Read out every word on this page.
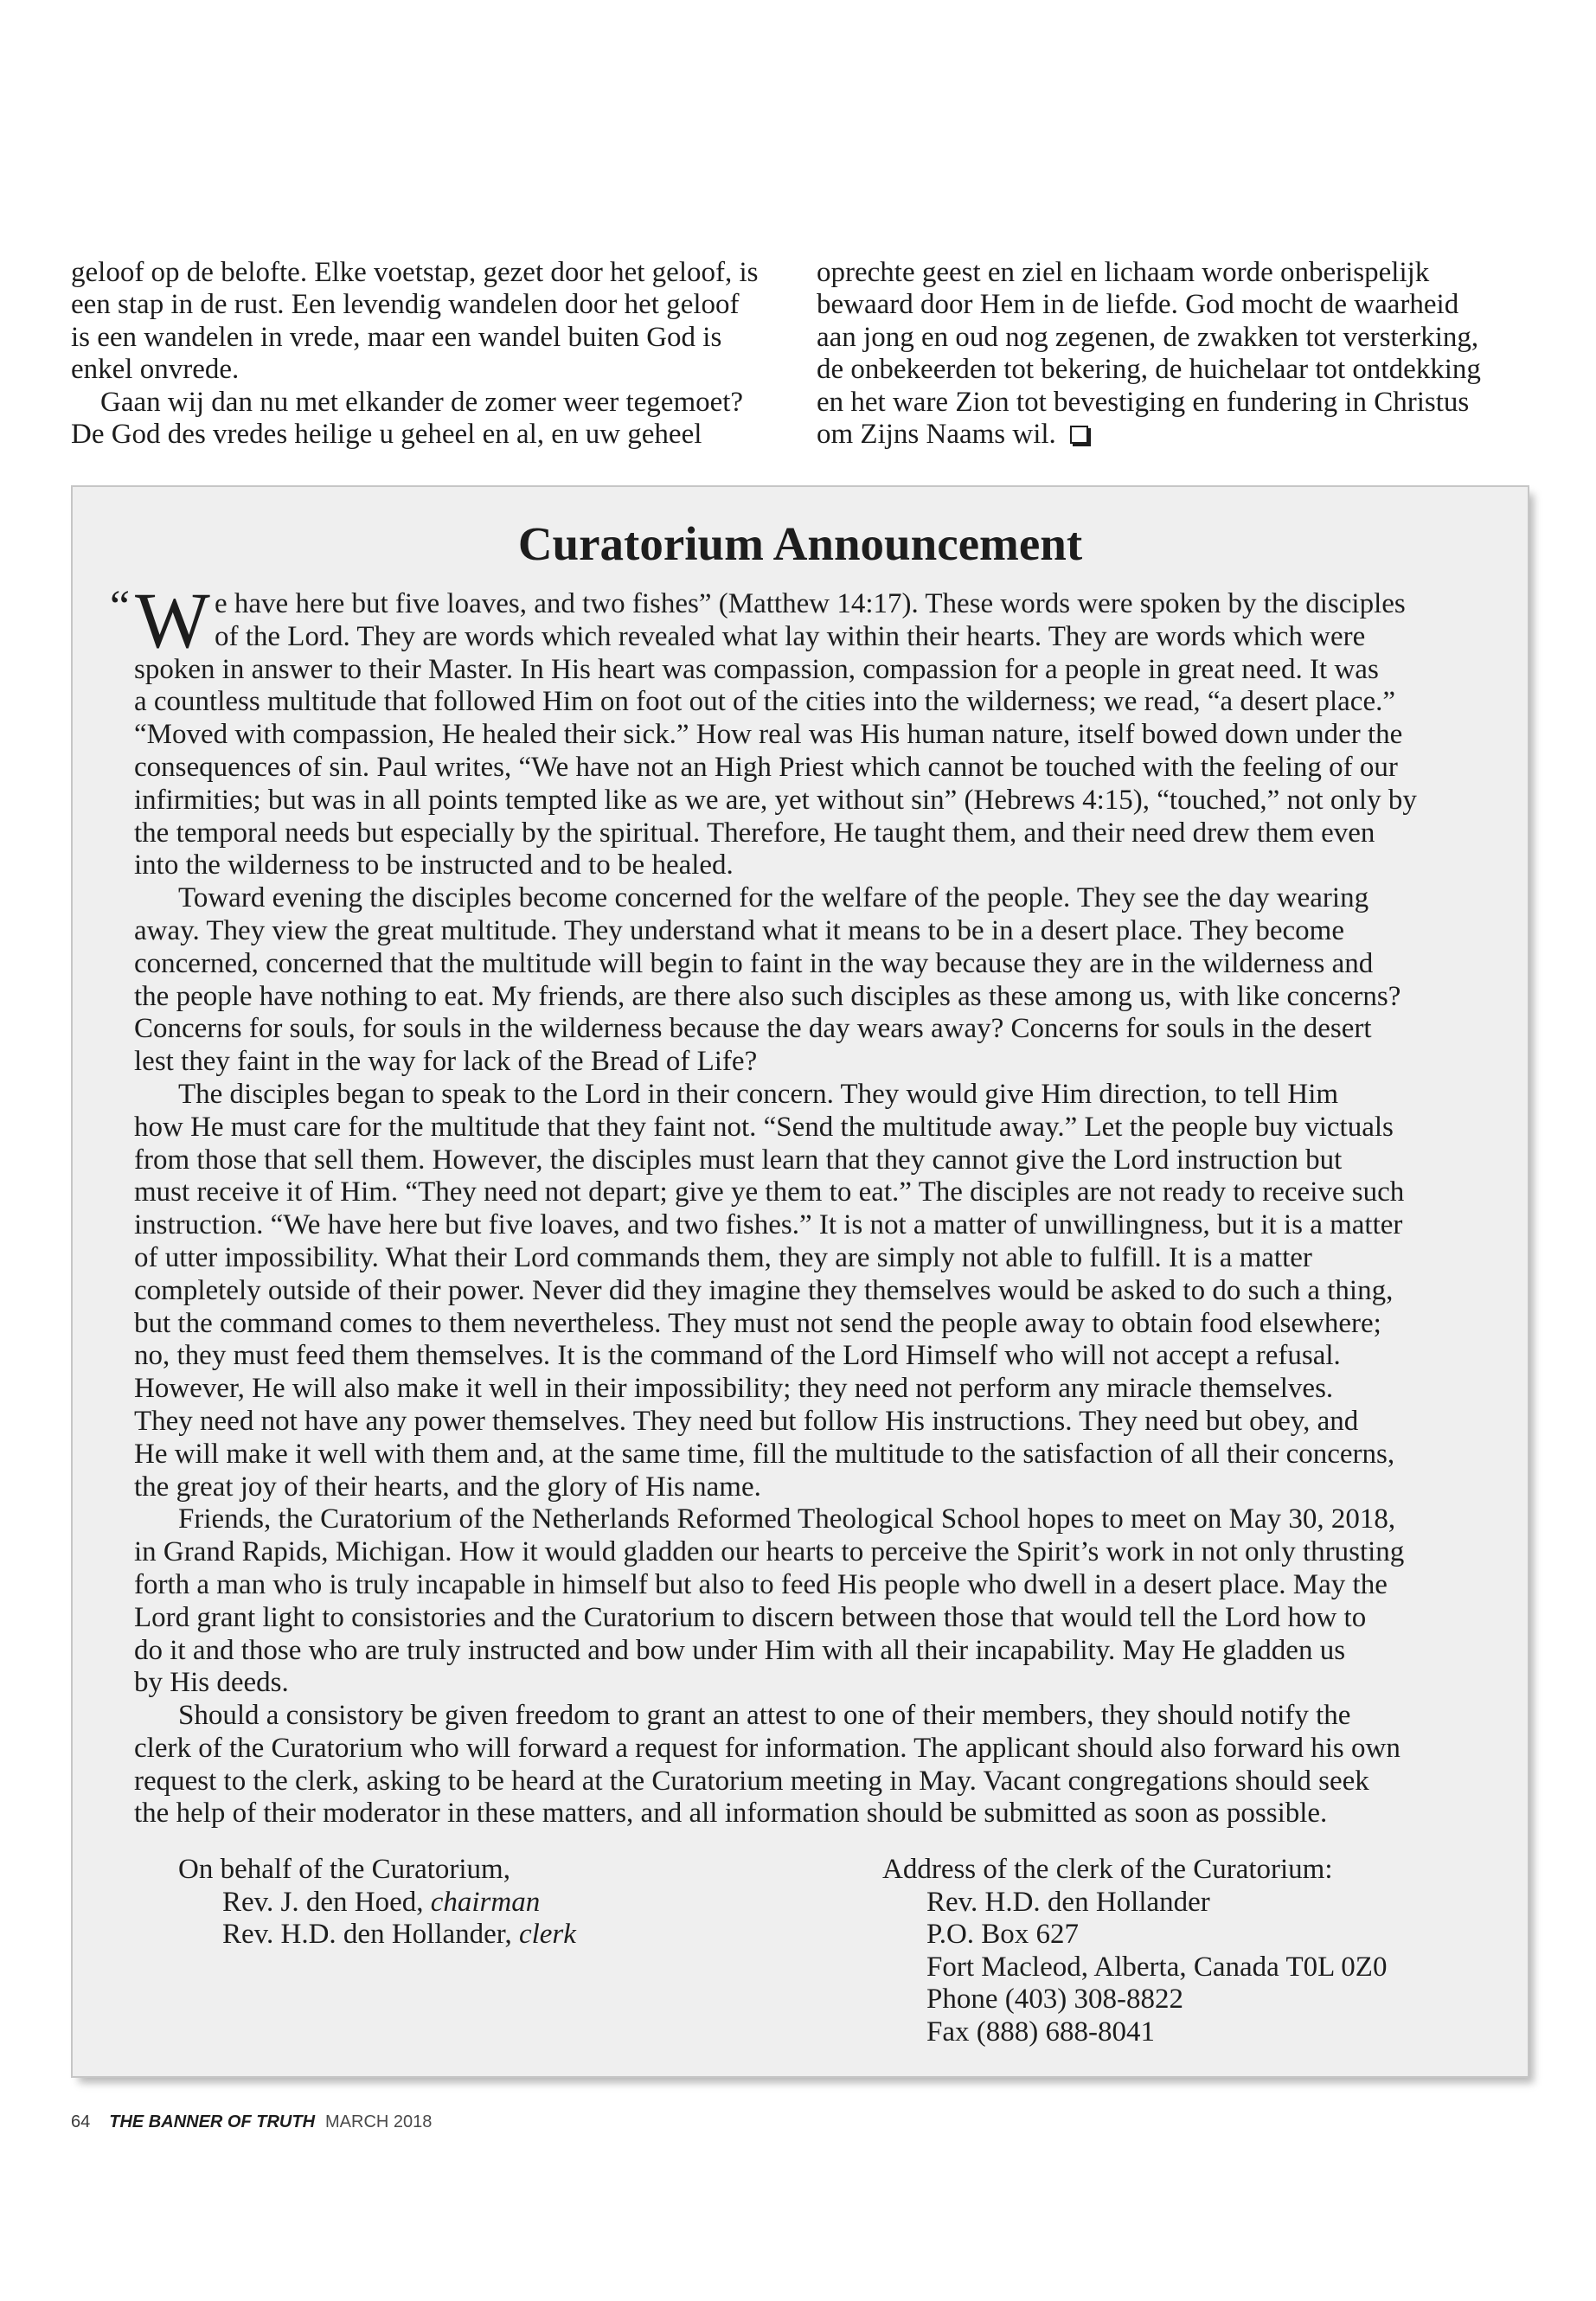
geloof op de belofte. Elke voetstap, gezet door het geloof, is
een stap in de rust. Een levendig wandelen door het geloof
is een wandelen in vrede, maar een wandel buiten God is
enkel onvrede.
Gaan wij dan nu met elkander de zomer weer tegemoet?
De God des vredes heilige u geheel en al, en uw geheel
oprechte geest en ziel en lichaam worde onberispelijk
bewaard door Hem in de liefde. God mocht de waarheid
aan jong en oud nog zegenen, de zwakken tot versterking,
de onbekeerden tot bekering, de huichelaar tot ontdekking
en het ware Zion tot bevestiging en fundering in Christus
om Zijns Naams wil.
Curatorium Announcement
“ W e have here but five loaves, and two fishes” (Matthew 14:17). These words were spoken by the disciples
of the Lord. They are words which revealed what lay within their hearts. They are words which were
spoken in answer to their Master. In His heart was compassion, compassion for a people in great need. It was
a countless multitude that followed Him on foot out of the cities into the wilderness; we read, “a desert place.”
“Moved with compassion, He healed their sick.” How real was His human nature, itself bowed down under the
consequences of sin. Paul writes, “We have not an High Priest which cannot be touched with the feeling of our
infirmities; but was in all points tempted like as we are, yet without sin” (Hebrews 4:15), “touched,” not only by
the temporal needs but especially by the spiritual. Therefore, He taught them, and their need drew them even
into the wilderness to be instructed and to be healed.
Toward evening the disciples become concerned for the welfare of the people. They see the day wearing
away. They view the great multitude. They understand what it means to be in a desert place. They become
concerned, concerned that the multitude will begin to faint in the way because they are in the wilderness and
the people have nothing to eat. My friends, are there also such disciples as these among us, with like concerns?
Concerns for souls, for souls in the wilderness because the day wears away? Concerns for souls in the desert
lest they faint in the way for lack of the Bread of Life?
The disciples began to speak to the Lord in their concern. They would give Him direction, to tell Him
how He must care for the multitude that they faint not. “Send the multitude away.” Let the people buy victuals
from those that sell them. However, the disciples must learn that they cannot give the Lord instruction but
must receive it of Him. “They need not depart; give ye them to eat.” The disciples are not ready to receive such
instruction. “We have here but five loaves, and two fishes.” It is not a matter of unwillingness, but it is a matter
of utter impossibility. What their Lord commands them, they are simply not able to fulfill. It is a matter
completely outside of their power. Never did they imagine they themselves would be asked to do such a thing,
but the command comes to them nevertheless. They must not send the people away to obtain food elsewhere;
no, they must feed them themselves. It is the command of the Lord Himself who will not accept a refusal.
However, He will also make it well in their impossibility; they need not perform any miracle themselves.
They need not have any power themselves. They need but follow His instructions. They need but obey, and
He will make it well with them and, at the same time, fill the multitude to the satisfaction of all their concerns,
the great joy of their hearts, and the glory of His name.
Friends, the Curatorium of the Netherlands Reformed Theological School hopes to meet on May 30, 2018,
in Grand Rapids, Michigan. How it would gladden our hearts to perceive the Spirit’s work in not only thrusting
forth a man who is truly incapable in himself but also to feed His people who dwell in a desert place. May the
Lord grant light to consistories and the Curatorium to discern between those that would tell the Lord how to
do it and those who are truly instructed and bow under Him with all their incapability. May He gladden us
by His deeds.
Should a consistory be given freedom to grant an attest to one of their members, they should notify the
clerk of the Curatorium who will forward a request for information. The applicant should also forward his own
request to the clerk, asking to be heard at the Curatorium meeting in May. Vacant congregations should seek
the help of their moderator in these matters, and all information should be submitted as soon as possible.
On behalf of the Curatorium,
Rev. J. den Hoed, chairman
Rev. H.D. den Hollander, clerk
Address of the clerk of the Curatorium:
Rev. H.D. den Hollander
P.O. Box 627
Fort Macleod, Alberta, Canada T0L 0Z0
Phone (403) 308-8822
Fax (888) 688-8041
64 THE BANNER OF TRUTH MARCH 2018
